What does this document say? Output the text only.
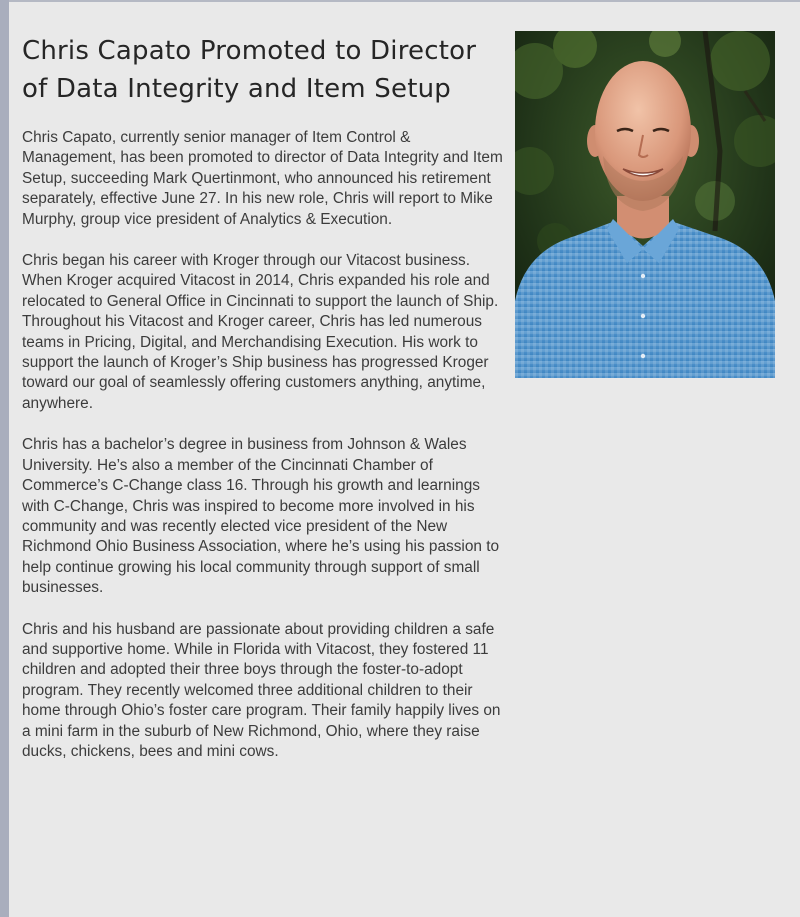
Chris Capato Promoted to Director of Data Integrity and Item Setup

Chris Capato, currently senior manager of Item Control & Management, has been promoted to director of Data Integrity and Item Setup, succeeding Mark Quertinmont, who announced his retirement separately, effective June 27. In his new role, Chris will report to Mike Murphy, group vice president of Analytics & Execution.

Chris began his career with Kroger through our Vitacost business. When Kroger acquired Vitacost in 2014, Chris expanded his role and relocated to General Office in Cincinnati to support the launch of Ship. Throughout his Vitacost and Kroger career, Chris has led numerous teams in Pricing, Digital, and Merchandising Execution. His work to support the launch of Kroger’s Ship business has progressed Kroger toward our goal of seamlessly offering customers anything, anytime, anywhere.

Chris has a bachelor’s degree in business from Johnson & Wales University. He’s also a member of the Cincinnati Chamber of Commerce’s C-Change class 16. Through his growth and learnings with C-Change, Chris was inspired to become more involved in his community and was recently elected vice president of the New Richmond Ohio Business Association, where he’s using his passion to help continue growing his local community through support of small businesses.

Chris and his husband are passionate about providing children a safe and supportive home. While in Florida with Vitacost, they fostered 11 children and adopted their three boys through the foster-to-adopt program. They recently welcomed three additional children to their home through Ohio’s foster care program. Their family happily lives on a mini farm in the suburb of New Richmond, Ohio, where they raise ducks, chickens, bees and mini cows.
